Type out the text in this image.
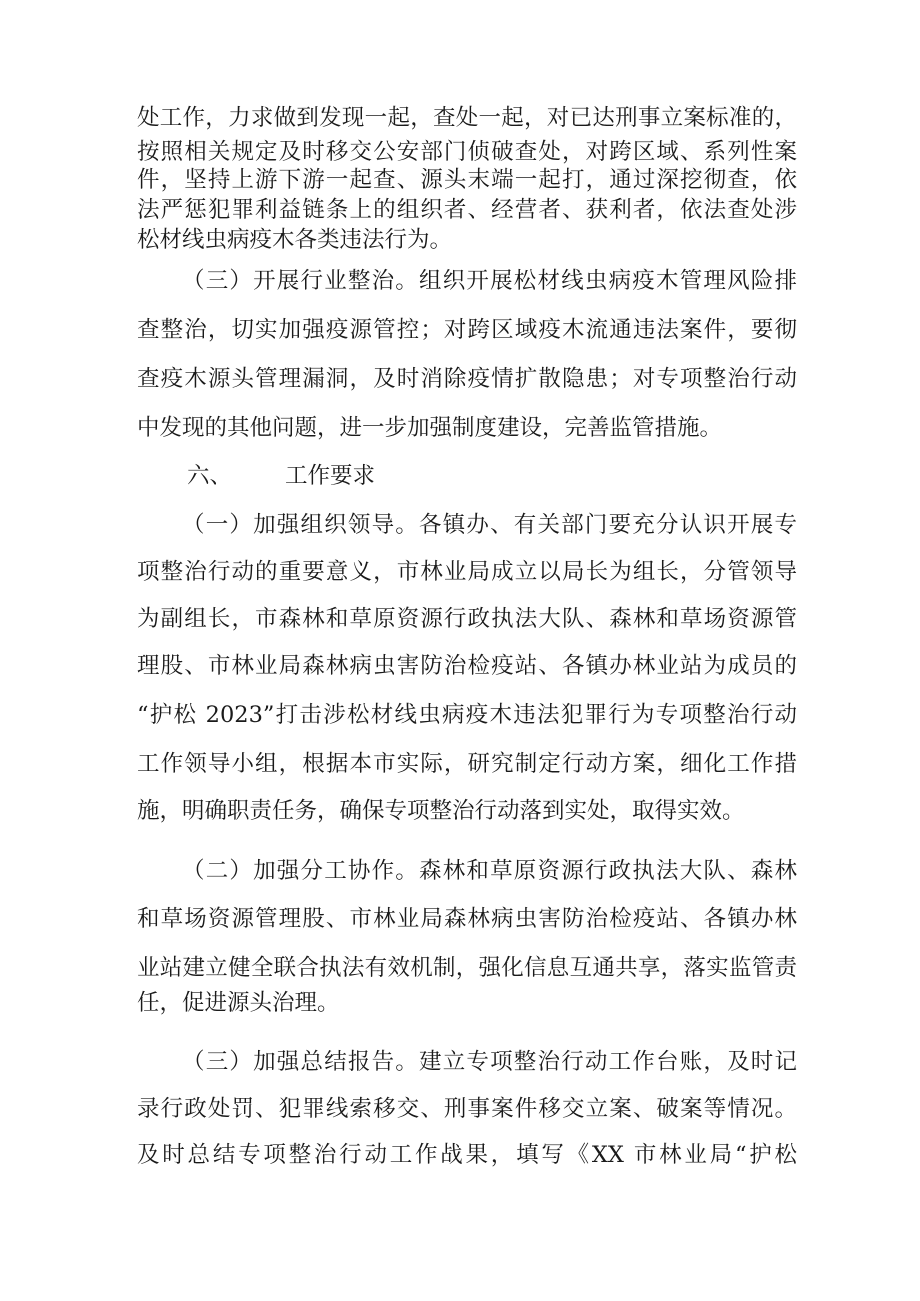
处工作，力求做到发现一起，查处一起，对已达刑事立案标准的，
按照相关规定及时移交公安部门侦破查处，对跨区域、系列性案
件，坚持上游下游一起查、源头末端一起打，通过深挖彻查，依
法严惩犯罪利益链条上的组织者、经营者、获利者，依法查处涉
松材线虫病疫木各类违法行为。
（三）开展行业整治。组织开展松材线虫病疫木管理风险排
查整治，切实加强疫源管控；对跨区域疫木流通违法案件，要彻
查疫木源头管理漏洞，及时消除疫情扩散隐患；对专项整治行动
中发现的其他问题，进一步加强制度建设，完善监管措施。
六、 工作要求
（一）加强组织领导。各镇办、有关部门要充分认识开展专
项整治行动的重要意义，市林业局成立以局长为组长，分管领导
为副组长，市森林和草原资源行政执法大队、森林和草场资源管
理股、市林业局森林病虫害防治检疫站、各镇办林业站为成员的
“护松 2023”打击涉松材线虫病疫木违法犯罪行为专项整治行动
工作领导小组，根据本市实际，研究制定行动方案，细化工作措
施，明确职责任务，确保专项整治行动落到实处，取得实效。
（二）加强分工协作。森林和草原资源行政执法大队、森林
和草场资源管理股、市林业局森林病虫害防治检疫站、各镇办林
业站建立健全联合执法有效机制，强化信息互通共享，落实监管责
任，促进源头治理。
（三）加强总结报告。建立专项整治行动工作台账，及时记
录行政处罚、犯罪线索移交、刑事案件移交立案、破案等情况。
及时总结专项整治行动工作战果，填写《XX 市林业局“护松
